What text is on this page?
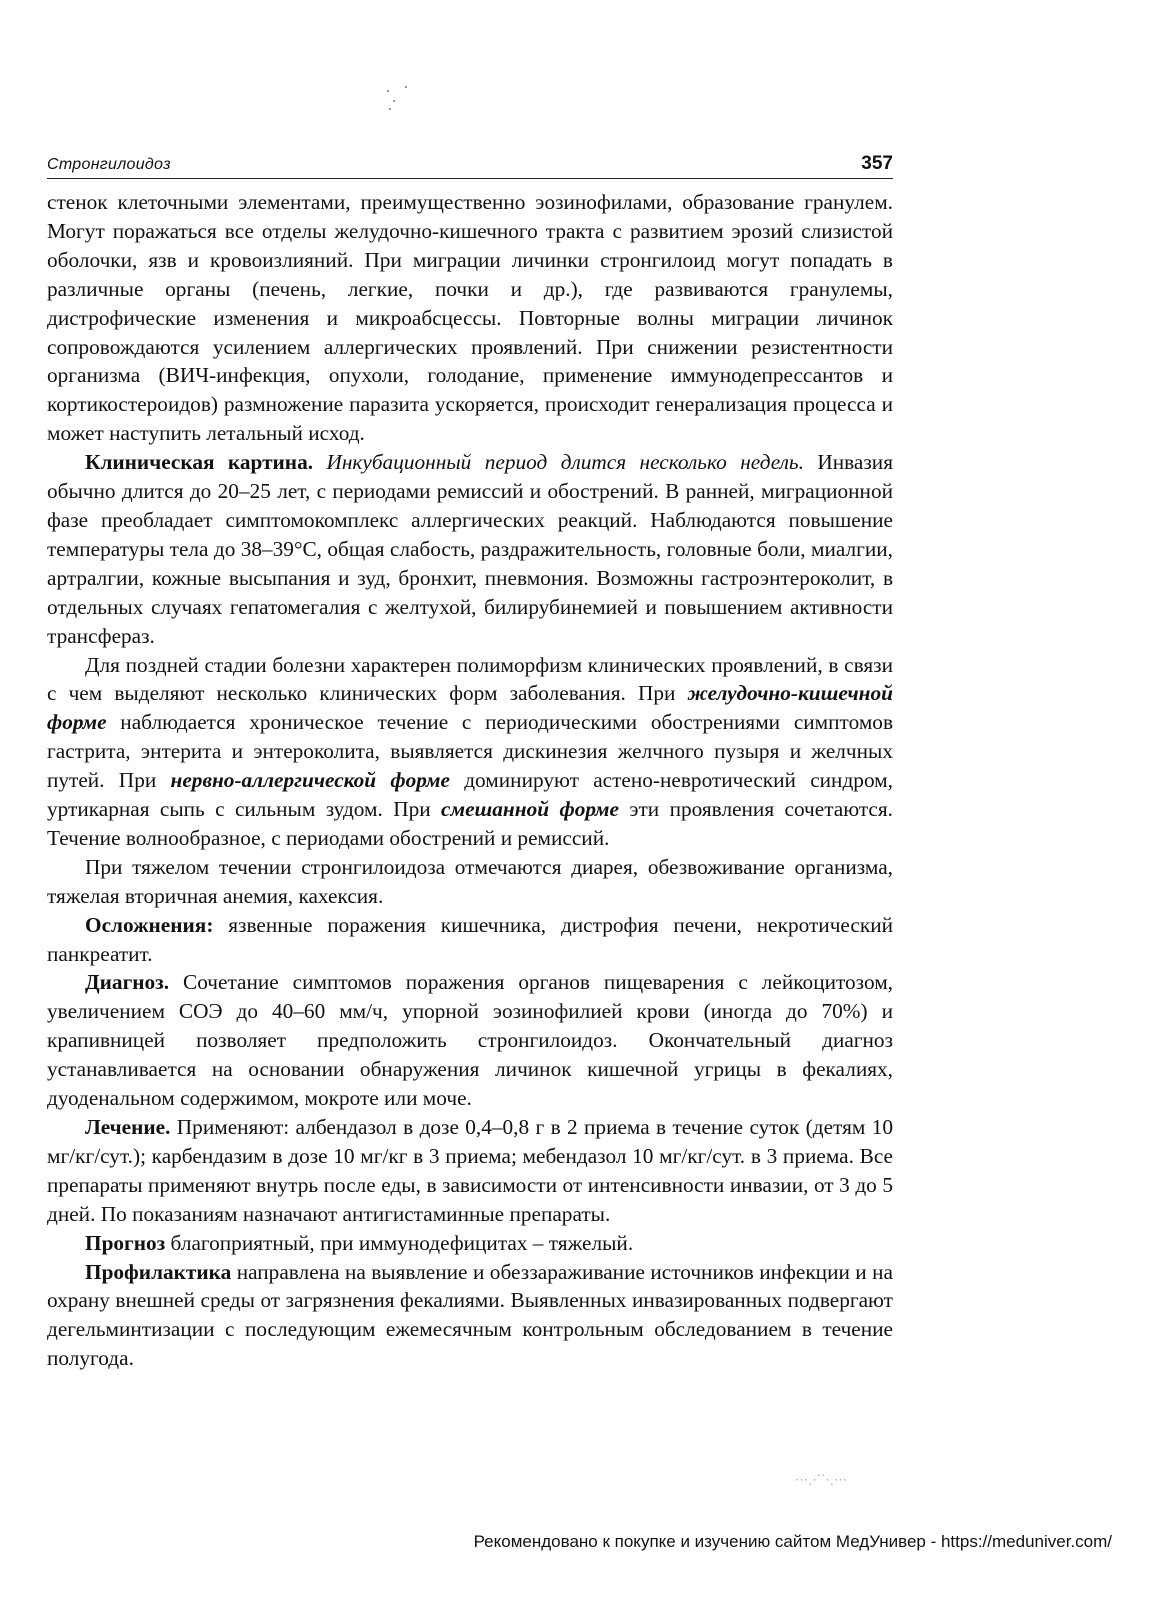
Стронгилоидоз	357

стенок клеточными элементами, преимущественно эозинофилами, образование гранулем. Могут поражаться все отделы желудочно-кишечного тракта с развитием эрозий слизистой оболочки, язв и кровоизлияний. При миграции личинки стронгилоид могут попадать в различные органы (печень, легкие, почки и др.), где развиваются гранулемы, дистрофические изменения и микроабсцессы. Повторные волны миграции личинок сопровождаются усилением аллергических проявлений. При снижении резистентности организма (ВИЧ-инфекция, опухоли, голодание, применение иммунодепрессантов и кортикостероидов) размножение паразита ускоряется, происходит генерализация процесса и может наступить летальный исход.

Клиническая картина. Инкубационный период длится несколько недель. Инвазия обычно длится до 20–25 лет, с периодами ремиссий и обострений. В ранней, миграционной фазе преобладает симптомокомплекс аллергических реакций. Наблюдаются повышение температуры тела до 38–39°С, общая слабость, раздражительность, головные боли, миалгии, артралгии, кожные высыпания и зуд, бронхит, пневмония. Возможны гастроэнтероколит, в отдельных случаях гепатомегалия с желтухой, билирубинемией и повышением активности трансфераз.

Для поздней стадии болезни характерен полиморфизм клинических проявлений, в связи с чем выделяют несколько клинических форм заболевания. При желудочно-кишечной форме наблюдается хроническое течение с периодическими обострениями симптомов гастрита, энтерита и энтероколита, выявляется дискинезия желчного пузыря и желчных путей. При нервно-аллергической форме доминируют астено-невротический синдром, уртикарная сыпь с сильным зудом. При смешанной форме эти проявления сочетаются. Течение волнообразное, с периодами обострений и ремиссий.

При тяжелом течении стронгилоидоза отмечаются диарея, обезвоживание организма, тяжелая вторичная анемия, кахексия.

Осложнения: язвенные поражения кишечника, дистрофия печени, некротический панкреатит.

Диагноз. Сочетание симптомов поражения органов пищеварения с лейкоцитозом, увеличением СОЭ до 40–60 мм/ч, упорной эозинофилией крови (иногда до 70%) и крапивницей позволяет предположить стронгилоидоз. Окончательный диагноз устанавливается на основании обнаружения личинок кишечной угрицы в фекалиях, дуоденальном содержимом, мокроте или моче.

Лечение. Применяют: албендазол в дозе 0,4–0,8 г в 2 приема в течение суток (детям 10 мг/кг/сут.); карбендазим в дозе 10 мг/кг в 3 приема; мебендазол 10 мг/кг/сут. в 3 приема. Все препараты применяют внутрь после еды, в зависимости от интенсивности инвазии, от 3 до 5 дней. По показаниям назначают антигистаминные препараты.

Прогноз благоприятный, при иммунодефицитах – тяжелый.

Профилактика направлена на выявление и обеззараживание источников инфекции и на охрану внешней среды от загрязнения фекалиями. Выявленных инвазированных подвергают дегельминтизации с последующим ежемесячным контрольным обследованием в течение полугода.

⋯⋰⋱⋯
Рекомендовано к покупке и изучению сайтом МедУнивер - https://meduniver.com/
